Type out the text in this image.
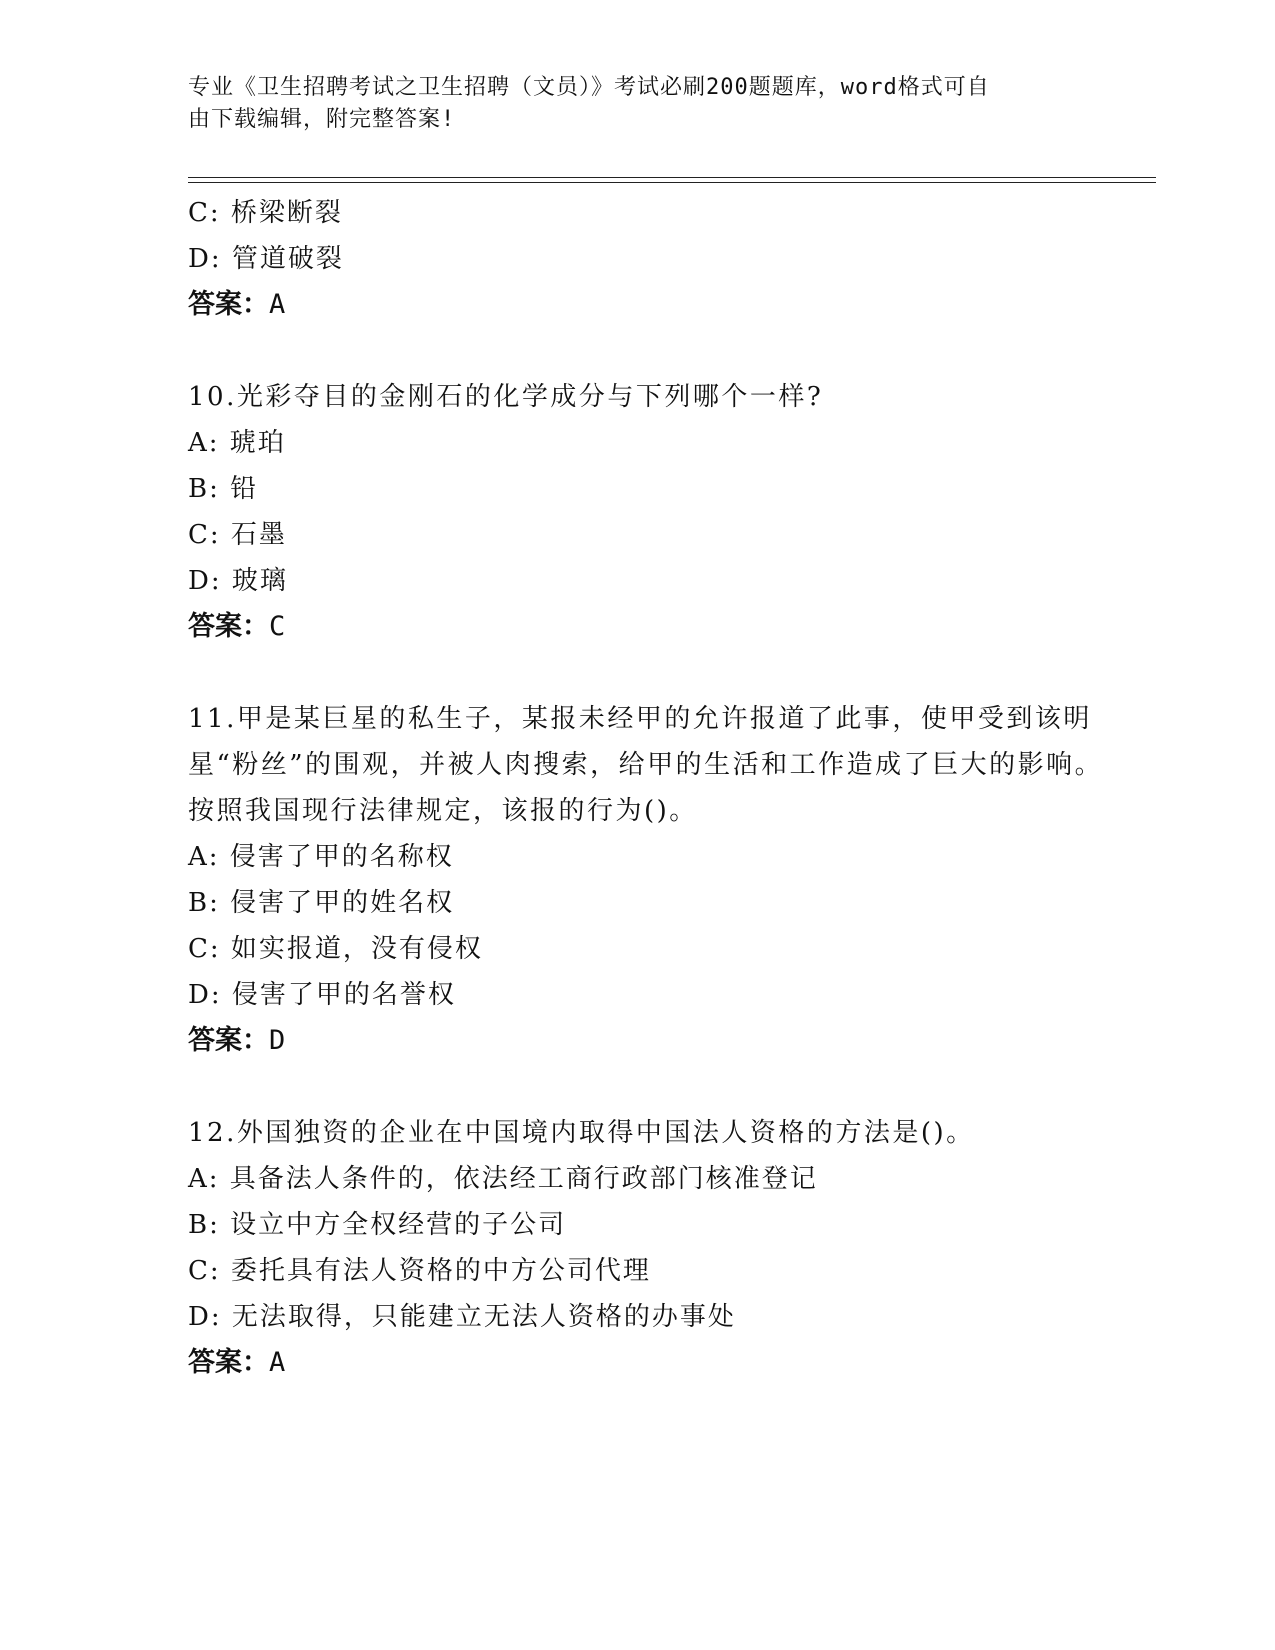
专业《卫生招聘考试之卫生招聘（文员）》考试必刷200题题库，word格式可自
由下载编辑，附完整答案!
C: 桥梁断裂
D: 管道破裂
答案：A
10.光彩夺目的金刚石的化学成分与下列哪个一样?
A: 琥珀
B: 铅
C: 石墨
D: 玻璃
答案：C
11.甲是某巨星的私生子，某报未经甲的允许报道了此事，使甲受到该明星“粉丝”的围观，并被人肉搜索，给甲的生活和工作造成了巨大的影响。按照我国现行法律规定，该报的行为()。
A: 侵害了甲的名称权
B: 侵害了甲的姓名权
C: 如实报道，没有侵权
D: 侵害了甲的名誉权
答案：D
12.外国独资的企业在中国境内取得中国法人资格的方法是()。
A: 具备法人条件的，依法经工商行政部门核准登记
B: 设立中方全权经营的子公司
C: 委托具有法人资格的中方公司代理
D: 无法取得，只能建立无法人资格的办事处
答案：A
